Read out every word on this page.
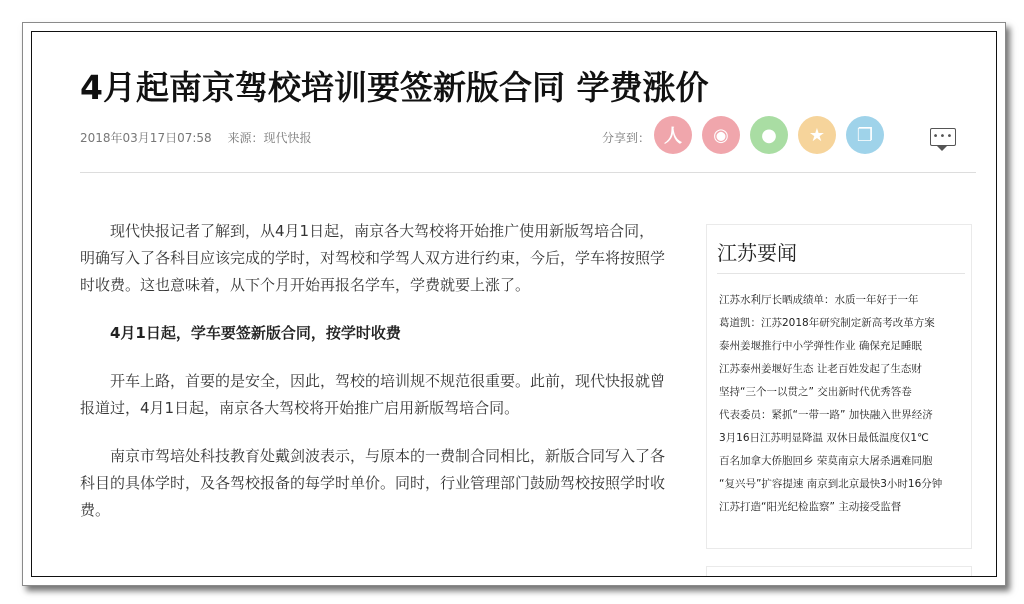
4月起南京驾校培训要签新版合同 学费涨价
2018年03月17日07:58 来源：现代快报	分享到： 人	◉	●	★	❐	•••

现代快报记者了解到，从4月1日起，南京各大驾校将开始推广使用新版驾培合同，明确写入了各科目应该完成的学时，对驾校和学驾人双方进行约束，今后，学车将按照学时收费。这也意味着，从下个月开始再报名学车，学费就要上涨了。

4月1日起，学车要签新版合同，按学时收费

开车上路，首要的是安全，因此，驾校的培训规不规范很重要。此前，现代快报就曾报道过，4月1日起，南京各大驾校将开始推广启用新版驾培合同。

南京市驾培处科技教育处戴剑波表示，与原本的一费制合同相比，新版合同写入了各科目的具体学时，及各驾校报备的每学时单价。同时，行业管理部门鼓励驾校按照学时收费。

江苏要闻
江苏水利厅长晒成绩单：水质一年好于一年
葛道凯：江苏2018年研究制定新高考改革方案
泰州姜堰推行中小学弹性作业 确保充足睡眠
江苏泰州姜堰好生态 让老百姓发起了生态财
坚持“三个一以贯之” 交出新时代优秀答卷
代表委员：紧抓“一带一路” 加快融入世界经济
3月16日江苏明显降温 双休日最低温度仅1℃
百名加拿大侨胞回乡 荣莫南京大屠杀遇难同胞
“复兴号”扩容提速 南京到北京最快3小时16分钟
江苏打造“阳光纪检监察” 主动接受监督
